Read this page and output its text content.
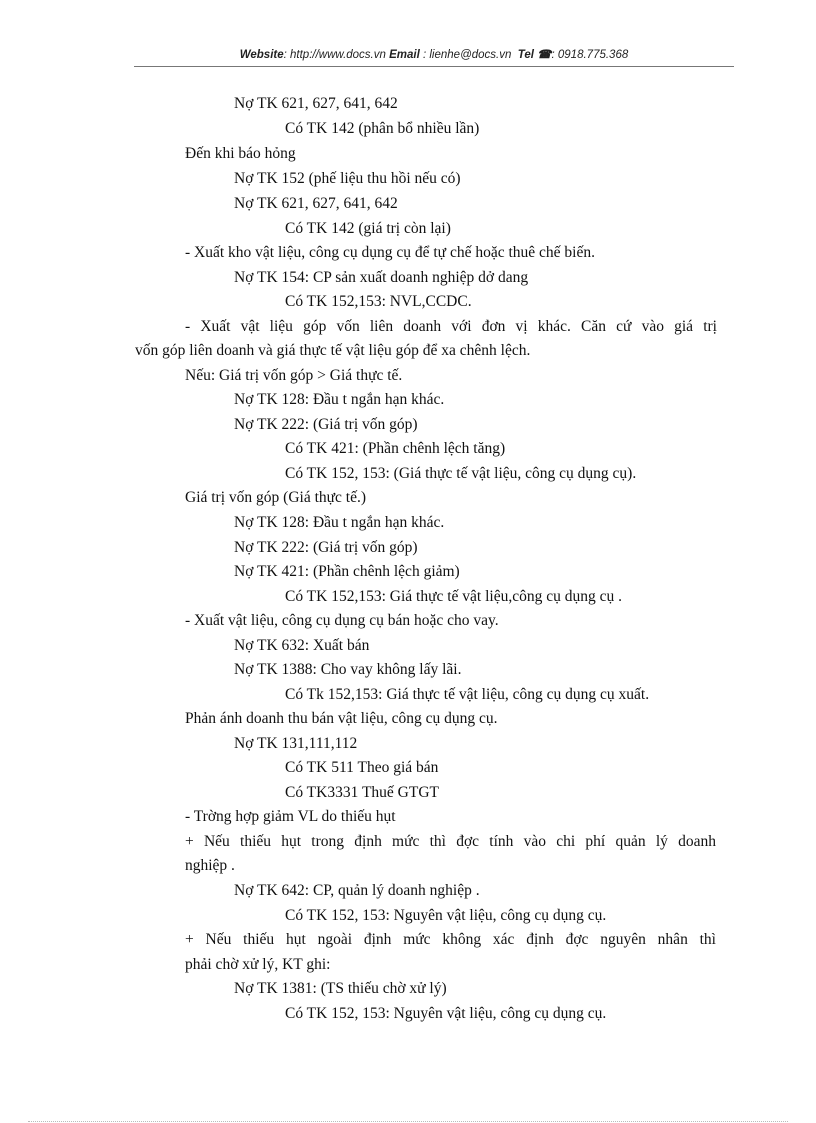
Website: http://www.docs.vn Email : lienhe@docs.vn Tel ☎: 0918.775.368
Nợ TK 621, 627, 641, 642
Có TK 142 (phân bổ nhiều lần)
Đến khi báo hỏng
Nợ TK 152 (phế liệu thu hồi nếu có)
Nợ TK 621, 627, 641, 642
Có TK 142 (giá trị còn lại)
- Xuất kho vật liệu, công cụ dụng cụ để tự chế hoặc thuê chế biến.
Nợ TK 154: CP sản xuất doanh nghiệp dở dang
Có TK 152,153: NVL,CCDC.
- Xuất vật liệu góp vốn liên doanh với đơn vị khác. Căn cứ vào giá trị
vốn góp liên doanh và giá thực tế vật liệu góp để xa chênh lệch.
Nếu: Giá trị vốn góp > Giá thực tế.
Nợ TK 128: Đầu t ngắn hạn khác.
Nợ TK 222: (Giá trị vốn góp)
Có TK 421: (Phần chênh lệch tăng)
Có TK 152, 153: (Giá thực tế vật liệu, công cụ dụng cụ).
Giá trị vốn góp (Giá thực tế.)
Nợ TK 128: Đầu t ngắn hạn khác.
Nợ TK 222: (Giá trị vốn góp)
Nợ TK 421: (Phần chênh lệch giảm)
Có TK 152,153: Giá thực tế vật liệu,công cụ dụng cụ .
- Xuất vật liệu, công cụ dụng cụ bán hoặc cho vay.
Nợ TK 632: Xuất bán
Nợ TK 1388: Cho vay không lấy lãi.
Có Tk 152,153: Giá thực tế vật liệu, công cụ dụng cụ xuất.
Phản ánh doanh thu bán vật liệu, công cụ dụng cụ.
Nợ TK 131,111,112
Có TK 511 Theo giá bán
Có TK3331 Thuế GTGT
- Trờng hợp giảm VL do thiếu hụt
+ Nếu thiếu hụt trong định mức thì đợc tính vào chi phí quản lý doanh
nghiệp .
Nợ TK 642: CP, quản lý doanh nghiệp .
Có TK 152, 153: Nguyên vật liệu, công cụ dụng cụ.
+ Nếu thiếu hụt ngoài định mức không xác định đợc nguyên nhân thì
phải chờ xử lý, KT ghi:
Nợ TK 1381: (TS thiếu chờ xử lý)
Có TK 152, 153: Nguyên vật liệu, công cụ dụng cụ.
